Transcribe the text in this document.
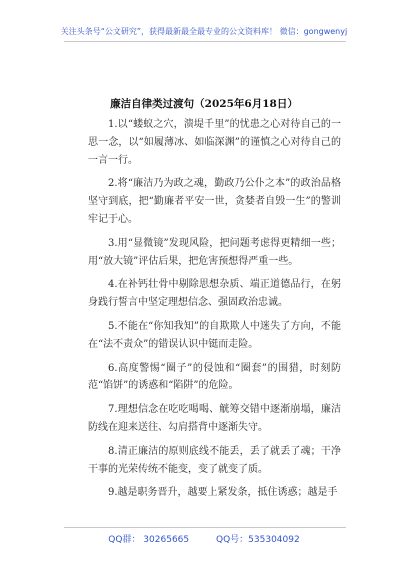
关注头条号“公文研究”，获得最新最全最专业的公文资料库！ 微信：gongwenyj
廉洁自律类过渡句（2025年6月18日）

1.以“蝼蚁之穴，溃堤千里”的忧患之心对待自己的一思一念，以“如履薄冰、如临深渊”的谨慎之心对待自己的一言一行。

2.将“廉洁乃为政之魂，勤政乃公仆之本”的政治品格坚守到底，把“勤廉者平安一世，贪婪者自毁一生”的警训牢记于心。

3.用“显微镜”发现风险，把问题考虑得更精细一些；用“放大镜”评估后果，把危害预想得严重一些。

4.在补钙壮骨中剔除思想杂质、端正道德品行，在躬身践行誓言中坚定理想信念、强固政治忠诚。

5.不能在“你知我知”的自欺欺人中迷失了方向，不能在“法不责众”的错误认识中铤而走险。

6.高度警惕“圈子”的侵蚀和“圈套”的围猎，时刻防范“馅饼”的诱惑和“陷阱”的危险。

7.理想信念在吃吃喝喝、觥筹交错中逐渐崩塌，廉洁防线在迎来送往、勾肩搭背中逐渐失守。

8.清正廉洁的原则底线不能丢，丢了就丢了魂；干净干事的光荣传统不能变，变了就变了质。

9.越是职务晋升，越要上紧发条，抵住诱惑；越是手

QQ群： 30265665	QQ号：535304092
